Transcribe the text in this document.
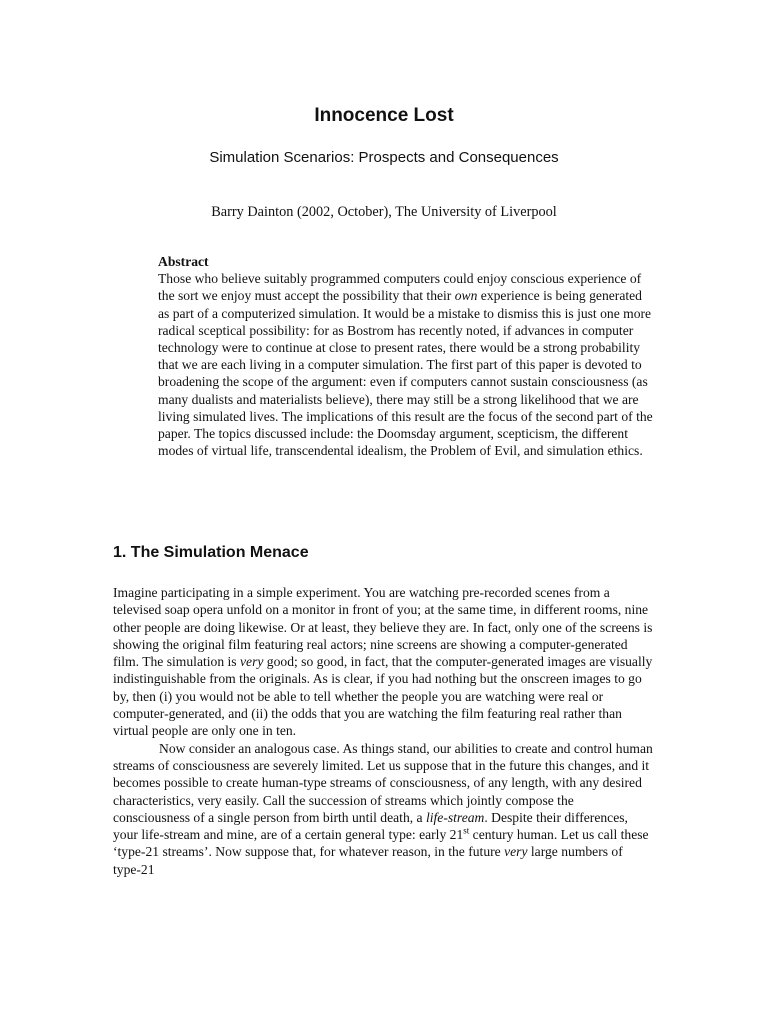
Innocence Lost
Simulation Scenarios: Prospects and Consequences
Barry Dainton (2002, October), The University of Liverpool
Abstract

Those who believe suitably programmed computers could enjoy conscious experience of the sort we enjoy must accept the possibility that their own experience is being generated as part of a computerized simulation. It would be a mistake to dismiss this is just one more radical sceptical possibility: for as Bostrom has recently noted, if advances in computer technology were to continue at close to present rates, there would be a strong probability that we are each living in a computer simulation. The first part of this paper is devoted to broadening the scope of the argument: even if computers cannot sustain consciousness (as many dualists and materialists believe), there may still be a strong likelihood that we are living simulated lives. The implications of this result are the focus of the second part of the paper. The topics discussed include: the Doomsday argument, scepticism, the different modes of virtual life, transcendental idealism, the Problem of Evil, and simulation ethics.

1. The Simulation Menace

Imagine participating in a simple experiment. You are watching pre-recorded scenes from a televised soap opera unfold on a monitor in front of you; at the same time, in different rooms, nine other people are doing likewise. Or at least, they believe they are. In fact, only one of the screens is showing the original film featuring real actors; nine screens are showing a computer-generated film. The simulation is very good; so good, in fact, that the computer-generated images are visually indistinguishable from the originals. As is clear, if you had nothing but the onscreen images to go by, then (i) you would not be able to tell whether the people you are watching were real or computer-generated, and (ii) the odds that you are watching the film featuring real rather than virtual people are only one in ten.

Now consider an analogous case. As things stand, our abilities to create and control human streams of consciousness are severely limited. Let us suppose that in the future this changes, and it becomes possible to create human-type streams of consciousness, of any length, with any desired characteristics, very easily. Call the succession of streams which jointly compose the consciousness of a single person from birth until death, a life-stream. Despite their differences, your life-stream and mine, are of a certain general type: early 21st century human. Let us call these ‘type-21 streams’. Now suppose that, for whatever reason, in the future very large numbers of type-21
